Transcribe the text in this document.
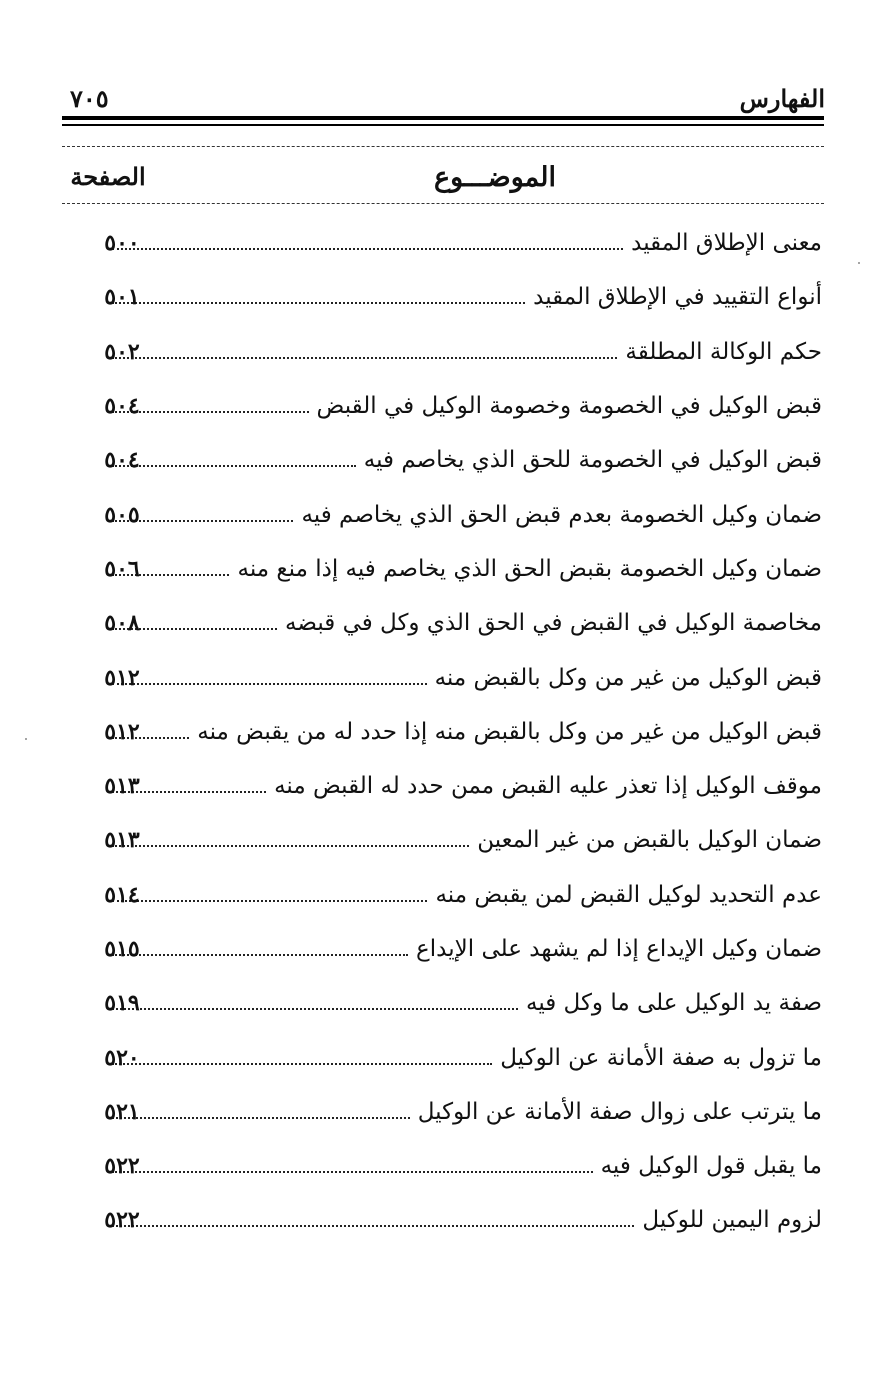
الفهارس
٧٠٥
الموضـــوع
الصفحة
معنى الإطلاق المقيد
٥٠٠
أنواع التقييد في الإطلاق المقيد
٥٠١
حكم الوكالة المطلقة
٥٠٢
قبض الوكيل في الخصومة وخصومة الوكيل في القبض
٥٠٤
قبض الوكيل في الخصومة للحق الذي يخاصم فيه
٥٠٤
ضمان وكيل الخصومة بعدم قبض الحق الذي يخاصم فيه
٥٠٥
ضمان وكيل الخصومة بقبض الحق الذي يخاصم فيه إذا منع منه
٥٠٦
مخاصمة الوكيل في القبض في الحق الذي وكل في قبضه
٥٠٨
قبض الوكيل من غير من وكل بالقبض منه
٥١٢
قبض الوكيل من غير من وكل بالقبض منه إذا حدد له من يقبض منه
٥١٢
موقف الوكيل إذا تعذر عليه القبض ممن حدد له القبض منه
٥١٣
ضمان الوكيل بالقبض من غير المعين
٥١٣
عدم التحديد لوكيل القبض لمن يقبض منه
٥١٤
ضمان وكيل الإيداع إذا لم يشهد على الإيداع
٥١٥
صفة يد الوكيل على ما وكل فيه
٥١٩
ما تزول به صفة الأمانة عن الوكيل
٥٢٠
ما يترتب على زوال صفة الأمانة عن الوكيل
٥٢١
ما يقبل قول الوكيل فيه
٥٢٢
لزوم اليمين للوكيل
٥٢٢
